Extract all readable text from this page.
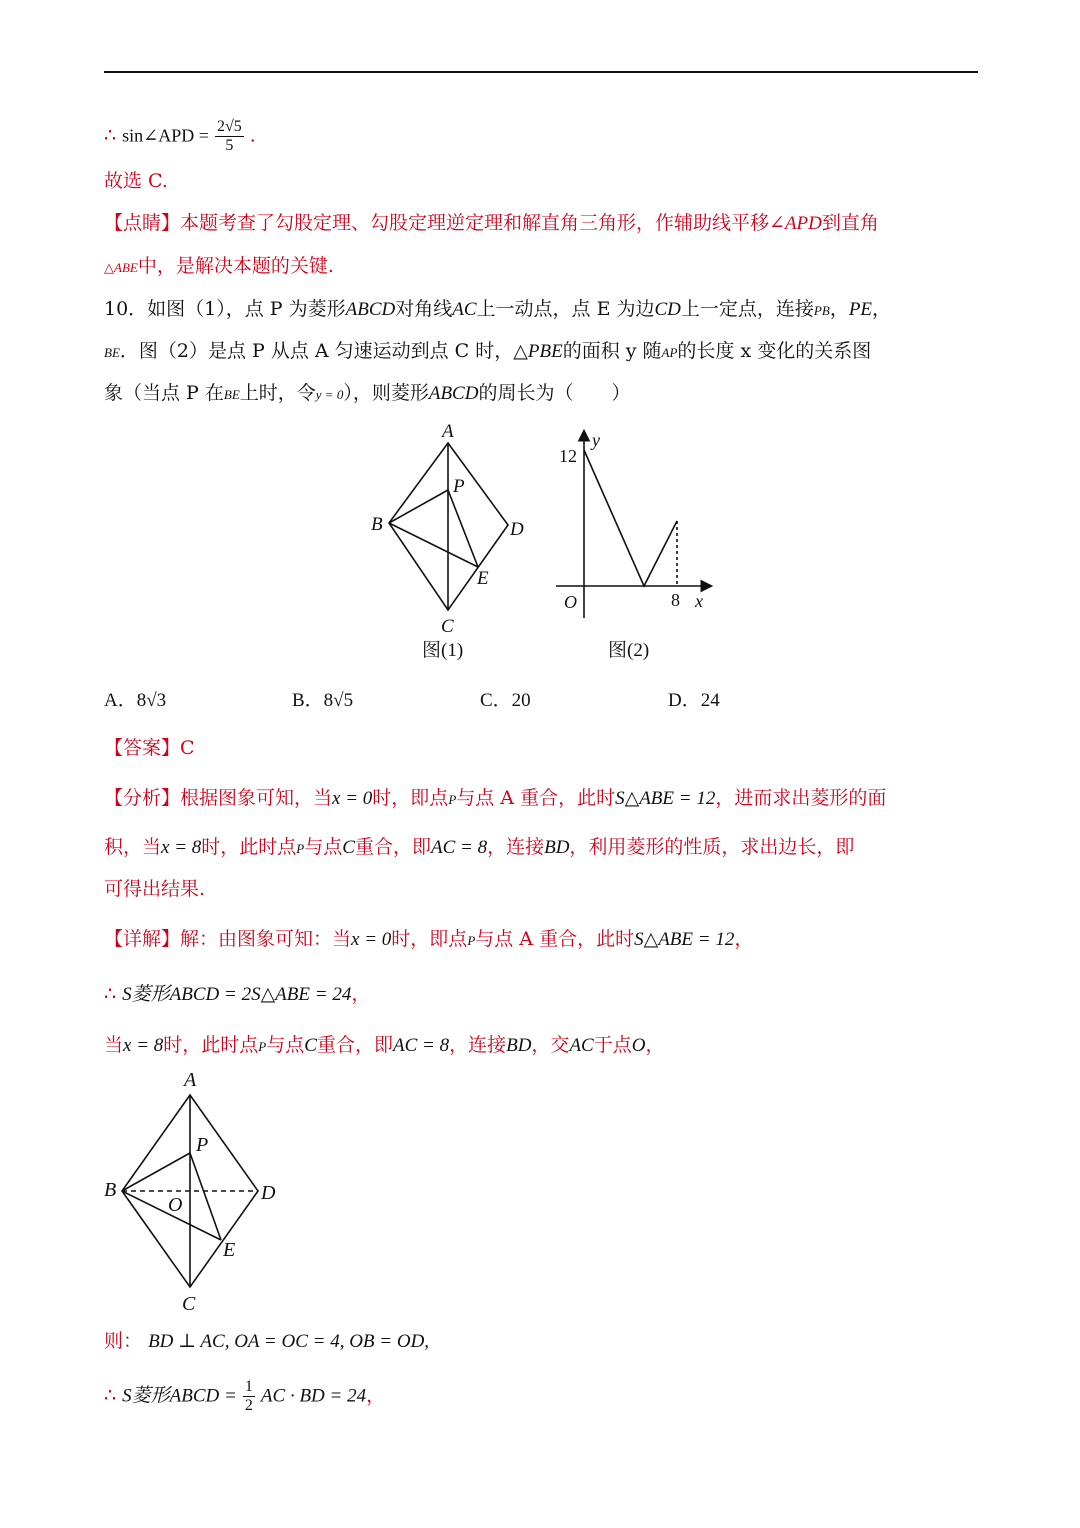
∴ sin∠APD = $\frac{2√5}{5}$ .
故选 C.
【点睛】本题考查了勾股定理、勾股定理逆定理和解直角三角形，作辅助线平移∠APD到直角
△ABE中，是解决本题的关键.
10．如图（1），点 P 为菱形ABCD对角线AC上一动点，点 E 为边CD上一定点，连接PB，PE，
BE．图（2）是点 P 从点 A 匀速运动到点 C 时，△PBE的面积 y 随AP的长度 x 变化的关系图
象（当点 P 在BE上时，令y = 0），则菱形ABCD的周长为（　　）
A
B	D
P
E
C
图(1)
y
12
O	8 x
图(2)
A．8√3	B．8√5	C．20	D．24
【答案】C
【分析】根据图象可知，当x = 0时，即点P与点 A 重合，此时S△ABE = 12，进而求出菱形的面
积，当x = 8时，此时点P与点C重合，即AC = 8，连接BD，利用菱形的性质，求出边长，即
可得出结果.
【详解】解：由图象可知：当x = 0时，即点P与点 A 重合，此时S△ABE = 12，
∴ S菱形ABCD = 2S△ABE = 24，
当x = 8时，此时点P与点C重合，即AC = 8，连接BD，交AC于点O，
A
B	D
P
O
E
C
则： BD ⊥ AC, OA = OC = 4, OB = OD,
∴ S菱形ABCD = $\frac{1}{2}$ AC · BD = 24，
